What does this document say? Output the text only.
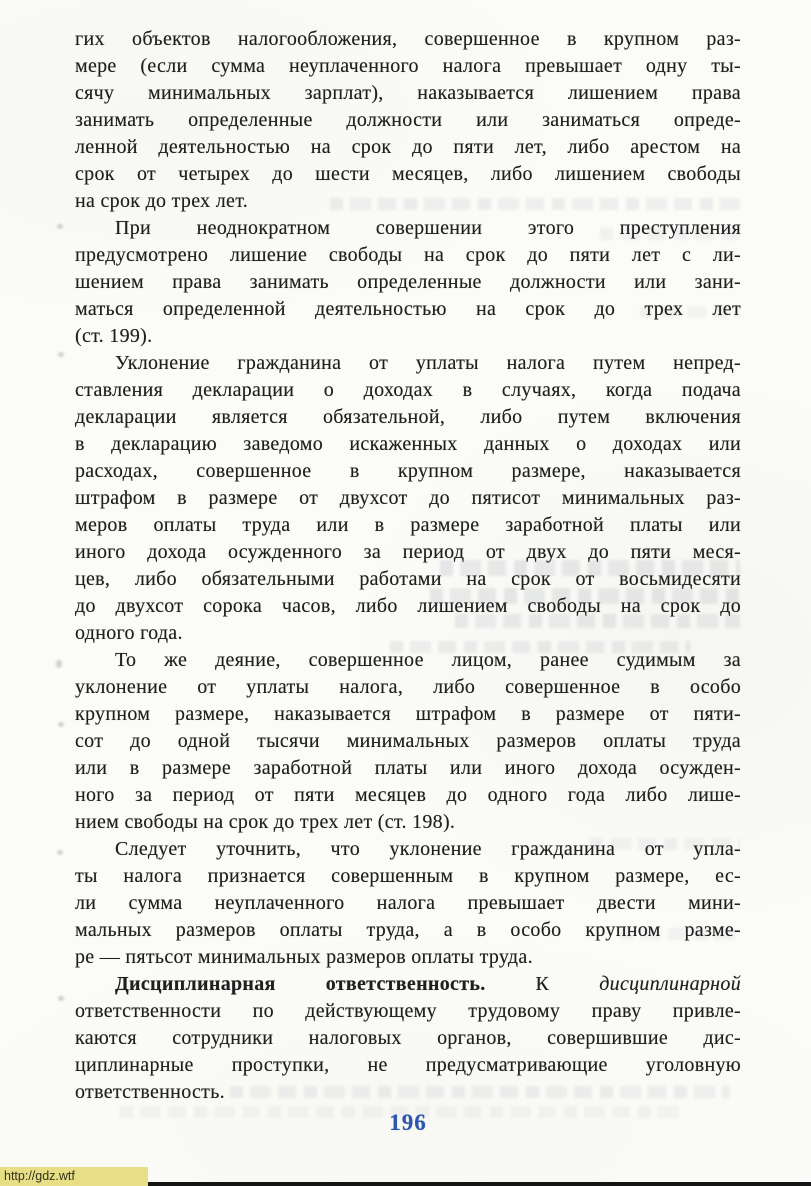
гих объектов налогообложения, совершенное в крупном раз-
мере (если сумма неуплаченного налога превышает одну ты-
сячу минимальных зарплат), наказывается лишением права
занимать определенные должности или заниматься опреде-
ленной деятельностью на срок до пяти лет, либо арестом на
срок от четырех до шести месяцев, либо лишением свободы
на срок до трех лет.
При неоднократном совершении этого преступления
предусмотрено лишение свободы на срок до пяти лет с ли-
шением права занимать определенные должности или зани-
маться определенной деятельностью на срок до трех лет
(ст. 199).
Уклонение гражданина от уплаты налога путем непред-
ставления декларации о доходах в случаях, когда подача
декларации является обязательной, либо путем включения
в декларацию заведомо искаженных данных о доходах или
расходах, совершенное в крупном размере, наказывается
штрафом в размере от двухсот до пятисот минимальных раз-
меров оплаты труда или в размере заработной платы или
иного дохода осужденного за период от двух до пяти меся-
цев, либо обязательными работами на срок от восьмидесяти
до двухсот сорока часов, либо лишением свободы на срок до
одного года.
То же деяние, совершенное лицом, ранее судимым за
уклонение от уплаты налога, либо совершенное в особо
крупном размере, наказывается штрафом в размере от пяти-
сот до одной тысячи минимальных размеров оплаты труда
или в размере заработной платы или иного дохода осужден-
ного за период от пяти месяцев до одного года либо лише-
нием свободы на срок до трех лет (ст. 198).
Следует уточнить, что уклонение гражданина от упла-
ты налога признается совершенным в крупном размере, ес-
ли сумма неуплаченного налога превышает двести мини-
мальных размеров оплаты труда, а в особо крупном разме-
ре — пятьсот минимальных размеров оплаты труда.
Дисциплинарная ответственность. К дисциплинарной
ответственности по действующему трудовому праву привле-
каются сотрудники налоговых органов, совершившие дис-
циплинарные проступки, не предусматривающие уголовную
ответственность.
196
http://gdz.wtf
